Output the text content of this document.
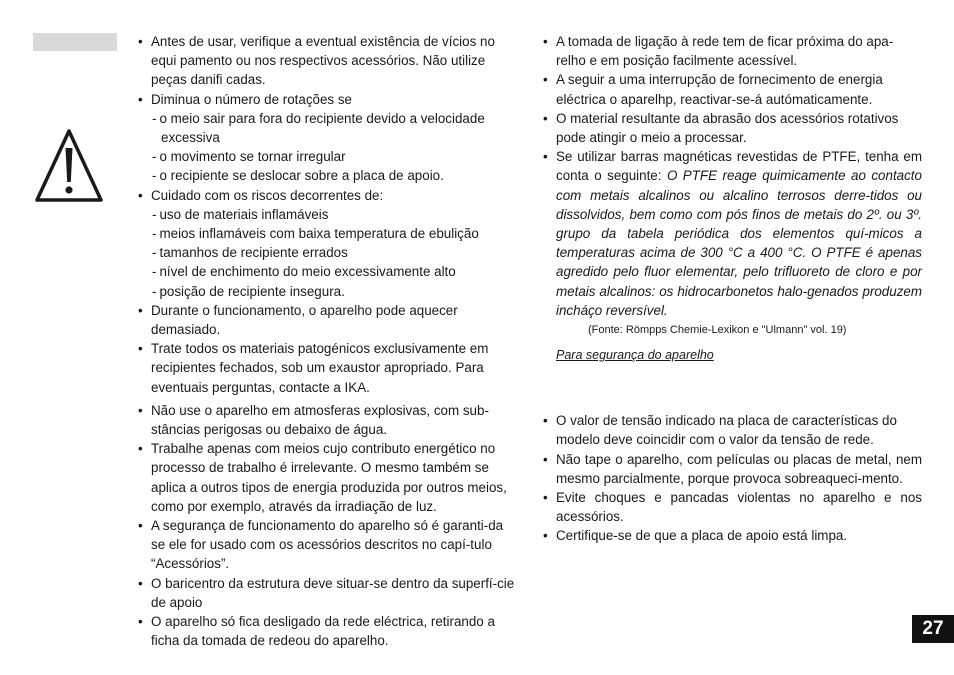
• Antes de usar, verifique a eventual existência de vícios no equi pamento ou nos respectivos acessórios. Não utilize peças danifi cadas.

• Diminua o número de rotações se

- o meio sair para fora do recipiente devido a velocidade

excessiva

- o movimento se tornar irregular

- o recipiente se deslocar sobre a placa de apoio.

• Cuidado com os riscos decorrentes de:

- uso de materiais inflamáveis

- meios inflamáveis com baixa temperatura de ebulição

- tamanhos de recipiente errados

- nível de enchimento do meio excessivamente alto

- posição de recipiente insegura.

• Durante o funcionamento, o aparelho pode aquecer demasiado.

• Trate todos os materiais patogénicos exclusivamente em recipientes fechados, sob um exaustor apropriado. Para eventuais perguntas, contacte a IKA.

• Não use o aparelho em atmosferas explosivas, com sub-stâncias perigosas ou debaixo de água.

• Trabalhe apenas com meios cujo contributo energético no processo de trabalho é irrelevante. O mesmo também se aplica a outros tipos de energia produzida por outros meios, como por exemplo, através da irradiação de luz.

• A segurança de funcionamento do aparelho só é garanti-da se ele for usado com os acessórios descritos no capí-tulo “Acessórios”.

• O baricentro da estrutura deve situar-se dentro da superfí-cie de apoio

• O aparelho só fica desligado da rede eléctrica, retirando a ficha da tomada de redeou do aparelho.

• A tomada de ligação à rede tem de ficar próxima do apa-relho e em posição facilmente acessível.

• A seguir a uma interrupção de fornecimento de energia eléctrica o aparelhp, reactivar-se-á autómaticamente.

• O material resultante da abrasão dos acessórios rotativos pode atingir o meio a processar.

• Se utilizar barras magnéticas revestidas de PTFE, tenha em conta o seguinte: O PTFE reage quimicamente ao contacto com metais alcalinos ou alcalino terrosos derre-tidos ou dissolvidos, bem como com pós finos de metais do 2º. ou 3º. grupo da tabela periódica dos elementos quí-micos a temperaturas acima de 300 °C a 400 °C. O PTFE é apenas agredido pelo fluor elementar, pelo trifluoreto de cloro e por metais alcalinos: os hidrocarbonetos halo-genados produzem incháço reversível.

(Fonte: Römpps Chemie-Lexikon e "Ulmann" vol. 19)

Para segurança do aparelho

• O valor de tensão indicado na placa de características do modelo deve coincidir com o valor da tensão de rede.

• Não tape o aparelho, com películas ou placas de metal, nem mesmo parcialmente, porque provoca sobreaqueci-mento.

• Evite choques e pancadas violentas no aparelho e nos acessórios.

• Certifique-se de que a placa de apoio está limpa.

27
